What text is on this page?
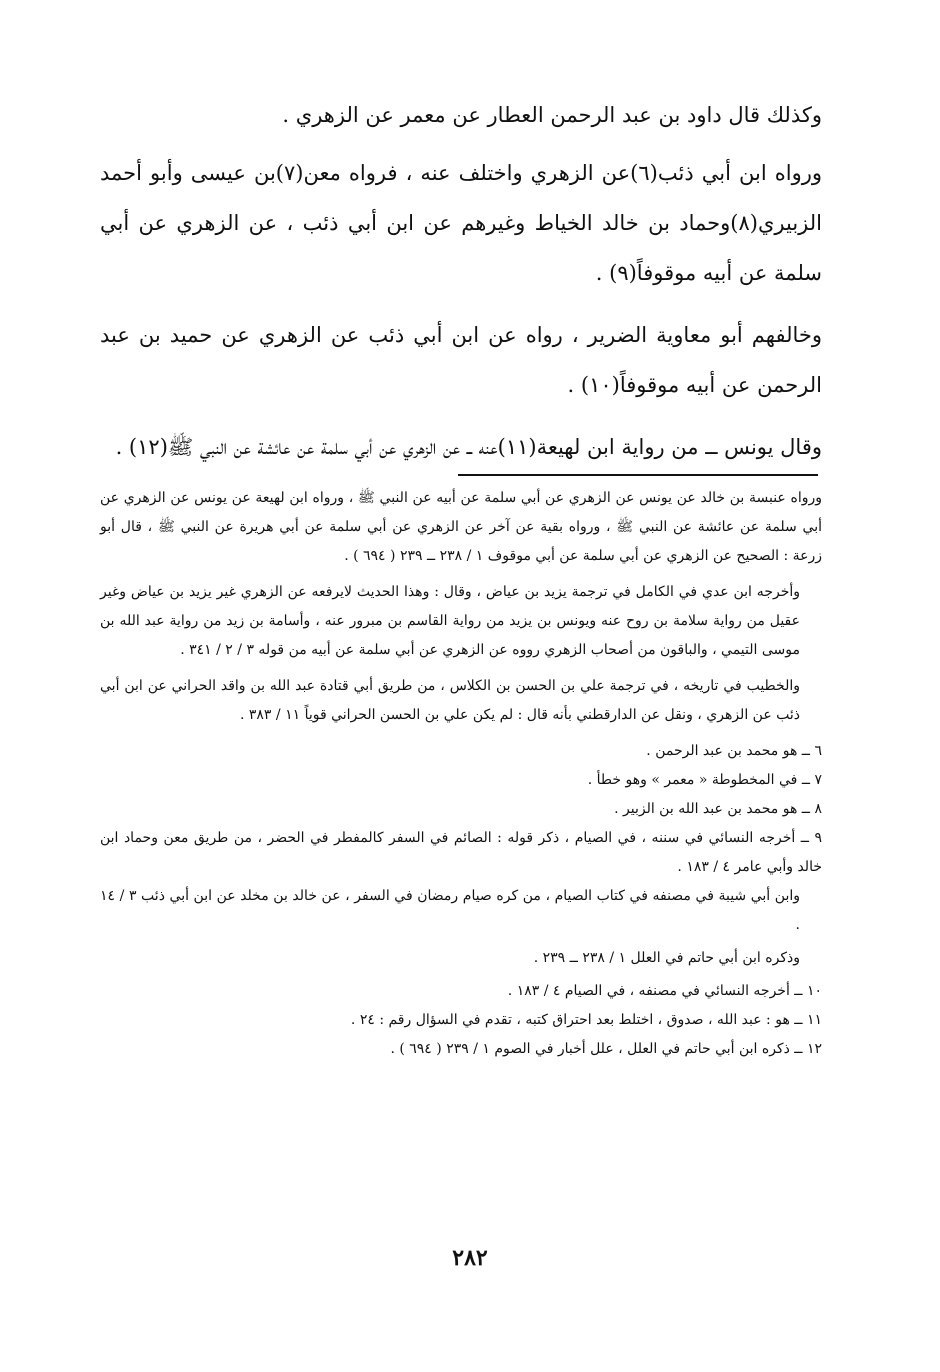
وكذلك قال داود بن عبد الرحمن العطار عن معمر عن الزهري .

ورواه ابن أبي ذئب(٦)عن الزهري واختلف عنه ، فرواه معن(٧)بن عيسى وأبو أحمد الزبيري(٨)وحماد بن خالد الخياط وغيرهم عن ابن أبي ذئب ، عن الزهري عن أبي سلمة عن أبيه موقوفاً(٩) .

وخالفهم أبو معاوية الضرير ، رواه عن ابن أبي ذئب عن الزهري عن حميد بن عبد الرحمن عن أبيه موقوفاً(١٠) .

وقال يونس ــ من رواية ابن لهيعة(١١)عنه ــ عن الزهري عن أبي سلمة عن عائشة عن النبي ﷺ(١٢) .

ورواه عنبسة بن خالد عن يونس عن الزهري عن أبي سلمة عن أبيه عن النبي ﷺ ، ورواه ابن لهيعة عن يونس عن الزهري عن أبي سلمة عن عائشة عن النبي ﷺ ، ورواه بقية عن آخر عن الزهري عن أبي سلمة عن أبي هريرة عن النبي ﷺ ، قال أبو زرعة : الصحيح عن الزهري عن أبي سلمة عن أبي موقوف ١ / ٢٣٨ ــ ٢٣٩ ( ٦٩٤ ) .

وأخرجه ابن عدي في الكامل في ترجمة يزيد بن عياض ، وقال : وهذا الحديث لايرفعه عن الزهري غير يزيد بن عياض وغير عقيل من رواية سلامة بن روح عنه ويونس بن يزيد من رواية القاسم بن مبرور عنه ، وأسامة بن زيد من رواية عبد الله بن موسى التيمي ، والباقون من أصحاب الزهري رووه عن الزهري عن أبي سلمة عن أبيه من قوله ٣ / ٢ / ٣٤١ .

والخطيب في تاريخه ، في ترجمة علي بن الحسن بن الكلاس ، من طريق أبي قتادة عبد الله بن واقد الحراني عن ابن أبي ذئب عن الزهري ، ونقل عن الدارقطني بأنه قال : لم يكن علي بن الحسن الحراني قوياً ١١ / ٣٨٣ .

٦ ــ هو محمد بن عبد الرحمن .

٧ ــ في المخطوطة « معمر » وهو خطأ .

٨ ــ هو محمد بن عبد الله بن الزبير .

٩ ــ أخرجه النسائي في سننه ، في الصيام ، ذكر قوله : الصائم في السفر كالمفطر في الحضر ، من طريق معن وحماد ابن خالد وأبي عامر ٤ / ١٨٣ .

وابن أبي شيبة في مصنفه في كتاب الصيام ، من كره صيام رمضان في السفر ، عن خالد بن مخلد عن ابن أبي ذئب ٣ / ١٤ .

وذكره ابن أبي حاتم في العلل ١ / ٢٣٨ ــ ٢٣٩ .

١٠ ــ أخرجه النسائي في مصنفه ، في الصيام ٤ / ١٨٣ .

١١ ــ هو : عبد الله ، صدوق ، اختلط بعد احتراق كتبه ، تقدم في السؤال رقم : ٢٤ .

١٢ ــ ذكره ابن أبي حاتم في العلل ، علل أخبار في الصوم ١ / ٢٣٩ ( ٦٩٤ ) .

٢٨٢
